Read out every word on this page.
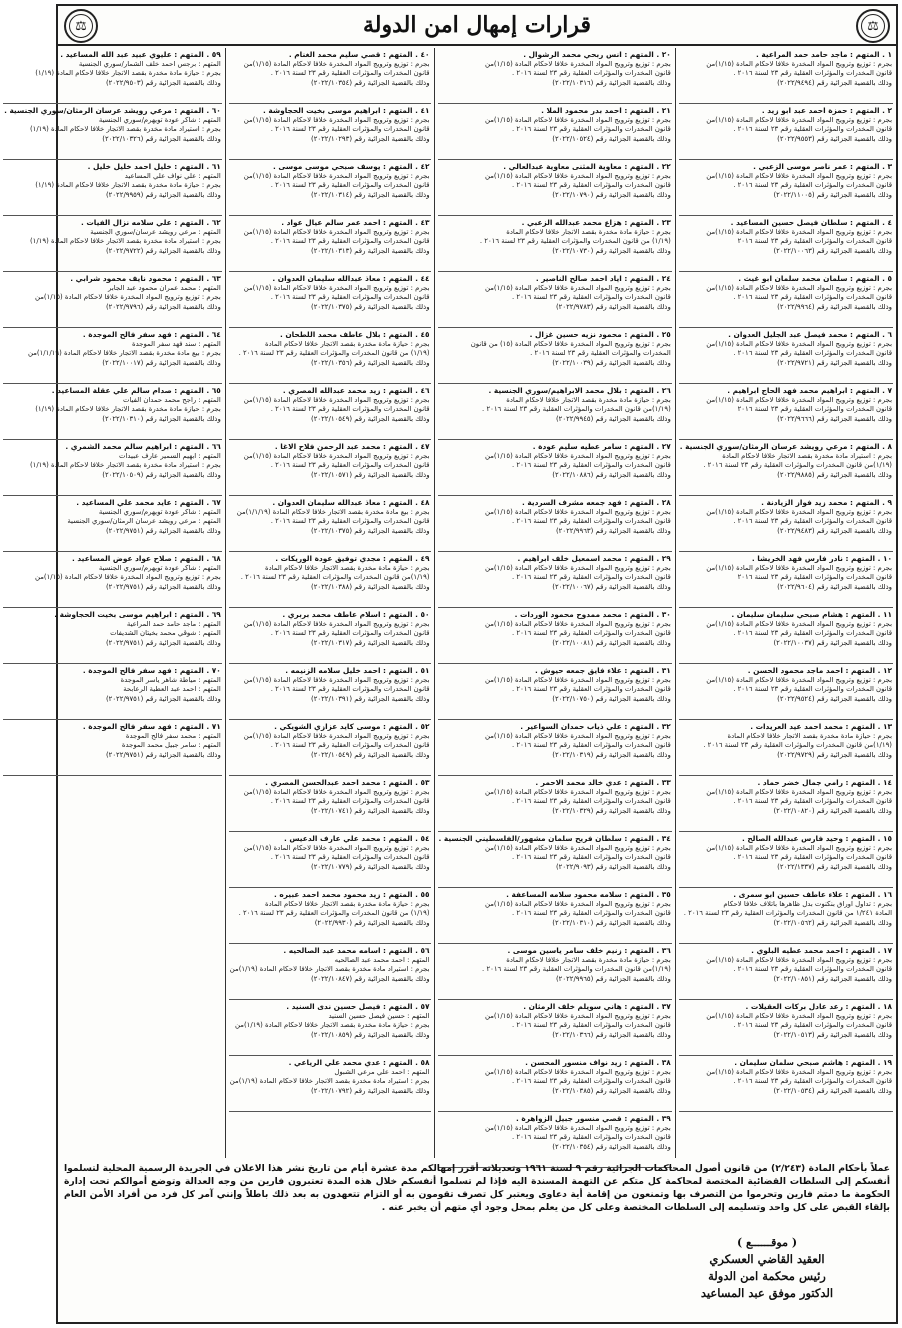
⚖
قرارات إمهال امن الدولة
⚖
١ . المتهم : ماجد حامد حمد المراعية .
بجرم : توزيع وترويج المواد المخدرة خلافا لاحكام المادة (١/١٥)من
قانون المخدرات والمؤثرات العقلية رقم ٢٣ لسنة ٢٠١٦ .
وذلك بالقضية الجزائية رقم (٢٠٢٢/٩٤٩٤)
٢ . المتهم : حمزة احمد عبد ابو زيد .
بجرم : توزيع وترويج المواد المخدرة خلافا لاحكام المادة (١/١٥)من
قانون المخدرات والمؤثرات العقلية رقم ٢٣ لسنة ٢٠١٦ .
وذلك بالقضية الجزائية رقم (٢٠٢٢/٩٥٥٣)
٣ . المتهم : عمر ناصر موسى الزعبي .
بجرم : توزيع وترويج المواد المخدرة خلافا لاحكام المادة (١/١٥)من
قانون المخدرات والمؤثرات العقلية رقم ٢٣ لسنة ٢٠١٦ .
وذلك بالقضية الجزائية رقم (٢٠٢٢/١١٠٠٥)
٤ . المتهم : سلطان فيصل حسين المساعيد .
بجرم : توزيع وترويج المواد المخدرة خلافا لاحكام المادة (١/١٥)من
قانون المخدرات والمؤثرات العقلية رقم ٢٣ لسنة ٢٠١٦
وذلك بالقضية الجزائية رقم (٢٠٢٢/١٠٠٦٣)
٥ . المتهم : سلمان محمد سلمان ابو غيث .
بجرم : توزيع وترويج المواد المخدرة خلافا لاحكام المادة (١/١٥)من
قانون المخدرات والمؤثرات العقلية رقم ٢٣ لسنة ٢٠١٦ .
وذلك بالقضية الجزائية رقم (٢٠٢٢/٩٩٦٤)
٦ . المتهم : محمد فيصل عبد الجليل العدوان .
بجرم : توزيع وترويج المواد المخدرة خلافا لاحكام المادة (١/١٥)من
قانون المخدرات والمؤثرات العقلية رقم ٢٣ لسنة ٢٠١٦ .
وذلك بالقضية الجزائية رقم (٢٠٢٢/٩٧٢١)
٧ . المتهم : ابراهيم محمد فهد الحاج ابراهيم .
بجرم : توزيع وترويج المواد المخدرة خلافا لاحكام المادة (١/١٥)من
قانون المخدرات والمؤثرات العقلية رقم ٢٣ لسنة ٢٠١٦
وذلك بالقضية الجزائية رقم (٢٠٢٢/٩٦٦٦)
٨ . المتهم : مرعي رويشد عرسان الرمثان/سوري الجنسية .
بجرم : استيراد مادة مخدرة بقصد الاتجار خلافا لاحكام المادة
(١/١٩)من قانون المخدرات والمؤثرات العقلية رقم ٢٣ لسنة ٢٠١٦ .
وذلك بالقضية الجزائية رقم (٢٠٢٢/٩٨٨٥)
٩ . المتهم : محمد زيد فواز الزيادنة .
بجرم : توزيع وترويج المواد المخدرة خلافا لاحكام المادة (١/١٥)من
قانون المخدرات والمؤثرات العقلية رقم ٢٣ لسنة ٢٠١٦ .
وذلك بالقضية الجزائية رقم (٢٠٢٢/٩٤٨٣)
١٠ . المتهم : نادر فارس فهد الخريشا .
بجرم : توزيع وترويج المواد المخدرة خلافا لاحكام المادة (١/١٥)من
قانون المخدرات والمؤثرات العقلية رقم ٢٣ لسنة ٢٠١٦
وذلك بالقضية الجزائية رقم (٢٠٢٢/٩٦٠٤)
١١ . المتهم : هشام صبحي سليمان سليمان .
بجرم : توزيع وترويج المواد المخدرة خلافا لاحكام المادة (١/١٥)من
قانون المخدرات والمؤثرات العقلية رقم ٢٣ لسنة ٢٠١٦ .
وذلك بالقضية الجزائية رقم (٢٠٢٢/١٠٠٣٧)
١٢ . المتهم : احمد ماجد محمود الحسن .
بجرم : توزيع وترويج المواد المخدرة خلافا لاحكام المادة (١/١٥)من
قانون المخدرات والمؤثرات العقلية رقم ٢٣ لسنة ٢٠١٦ .
وذلك بالقضية الجزائية رقم (٢٠٢٢/٩٥٢٤)
١٣ . المتهم : محمد احمد عيد العريدات .
بجرم : حيازة مادة مخدرة بقصد الاتجار خلافا لاحكام المادة
(١/١٩)من قانون المخدرات والمؤثرات العقلية رقم ٢٣ لسنة ٢٠١٦ .
وذلك بالقضية الجزائية رقم (٢٠٢٢/٩٧٢٩)
١٤ . المتهم : رامي جمال خضر حماد .
بجرم : توزيع وترويج المواد المخدرة خلافا لاحكام المادة (١/١٥)من
قانون المخدرات والمؤثرات العقلية رقم ٢٣ لسنة ٢٠١٦ .
وذلك بالقضية الجزائية رقم (٢٠٢٢/١٠٨٢٠)
١٥ . المتهم : وحيد فارس عبدالله الصالح .
بجرم : توزيع وترويج المواد المخدرة خلافا لاحكام المادة (١/١٥)من
قانون المخدرات والمؤثرات العقلية رقم ٢٣ لسنة ٢٠١٦ .
وذلك بالقضية الجزائية رقم (٢٠٢٢/١٣٣٧)
١٦ . المتهم : علاء عاطف حسين ابو سمرى .
بجرم : تداول اوراق بنكنوت بدل ظاهرها باتلاف خلافا لاحكام
المادة ١/٢٤١ من قانون المخدرات والمؤثرات العقلية رقم ٢٣ لسنة ٢٠١٦ .
وذلك بالقضية الجزائية رقم (٢٠٢٢/١٠٥٦٢)
١٧ . المتهم : احمد محمد عطيه البلوي .
بجرم : توزيع وترويج المواد المخدرة خلافا لاحكام المادة (١/١٥)من
قانون المخدرات والمؤثرات العقلية رقم ٢٣ لسنة ٢٠١٦ .
وذلك بالقضية الجزائية رقم (٢٠٢٢/١٠٨٥١)
١٨ . المتهم : رعد عادل بركات العقيلات .
بجرم : توزيع وترويج المواد المخدرة خلافا لاحكام المادة (١/١٥)من
قانون المخدرات والمؤثرات العقلية رقم ٢٣ لسنة ٢٠١٦ .
وذلك بالقضية الجزائية رقم (٢٠٢٢/١٠٥١٣)
١٩ . المتهم : هاشم صبحي سلمان سليمان .
بجرم : توزيع وترويج المواد المخدرة خلافا لاحكام المادة (١/١٥)من
قانون المخدرات والمؤثرات العقلية رقم ٢٣ لسنة ٢٠١٦ .
وذلك بالقضية الجزائية رقم (٢٠٢٢/١٠٥٣٤)
٢٠ . المتهم : انس ربحي محمد الرشوال .
بجرم : توزيع وترويج المواد المخدرة خلافا لاحكام المادة (١/١٥)من
قانون المخدرات والمؤثرات العقلية رقم ٢٣ لسنة ٢٠١٦ .
وذلك بالقضية الجزائية رقم (٢٠٢٢/١٠٣١٦)
٢١ . المتهم : احمد بدر محمود الملا .
بجرم : توزيع وترويج المواد المخدرة خلافا لاحكام المادة (١/١٥)من
قانون المخدرات والمؤثرات العقلية رقم ٢٣ لسنة ٢٠١٦ .
وذلك بالقضية الجزائية رقم (٢٠٢٢/١٠٥٢٤)
٢٢ . المتهم : معاوية المثنى معاوية عبدالعالي .
بجرم : توزيع وترويج المواد المخدرة خلافا لاحكام المادة (١/١٥)من
قانون المخدرات والمؤثرات العقلية رقم ٢٣ لسنة ٢٠١٦ .
وذلك بالقضية الجزائية رقم (٢٠٢٢/١٠٧٩٠)
٢٣ . المتهم : هزاع محمد عبدالله الزعبي .
بجرم : حيازة مادة مخدرة بقصد الاتجار خلافا لاحكام المادة
(١/١٩) من قانون المخدرات والمؤثرات العقلية رقم ٢٣ لسنة ٢٠١٦ .
وذلك بالقضية الجزائية رقم (٢٠٢٢/١٠٧٣٠)
٢٤ . المتهم : اياد احمد صالح الناصير .
بجرم : توزيع وترويج المواد المخدرة خلافا لاحكام المادة (١/١٥)من
قانون المخدرات والمؤثرات العقلية رقم ٢٣ لسنة ٢٠١٦ .
وذلك بالقضية الجزائية رقم (٢٠٢٢/٩٧٨٣)
٢٥ . المتهم : محمود نزيه حسين غزال .
بجرم : توزيع وترويج المواد المخدرة خلافا لاحكام المادة (١٥) من قانون
المخدرات والمؤثرات العقلية رقم ٢٣ لسنة ٢٠١٦ .
وذلك بالقضية الجزائية رقم (٢٠٢٢/١٠٠٣٩)
٢٦ . المتهم : بلال محمد الابراهيم/سوري الجنسية .
بجرم : حيازة مادة مخدرة بقصد الاتجار خلافا لاحكام المادة
(١/١٩)من قانون المخدرات والمؤثرات العقلية رقم ٢٣ لسنة ٢٠١٦ .
وذلك بالقضية الجزائية رقم (٢٠٢٢/٩٩٤٥)
٢٧ . المتهم : سامر عطيه سليم عودة .
بجرم : توزيع وترويج المواد المخدرة خلافا لاحكام المادة (١/١٥)من
قانون المخدرات والمؤثرات العقلية رقم ٢٣ لسنة ٢٠١٦ .
وذلك بالقضية الجزائية رقم (٢٠٢٢/١٠٨٨٦)
٢٨ . المتهم : فهد جمعه مشرف السردية .
بجرم : توزيع وترويج المواد المخدرة خلافا لاحكام المادة (١/١٥)من
قانون المخدرات والمؤثرات العقلية رقم ٢٣ لسنة ٢٠١٦ .
وذلك بالقضية الجزائية رقم (٢٠٢٢/٩٩٦٣)
٢٩ . المتهم : محمد اسمعيل خلف ابراهيم .
بجرم : توزيع وترويج المواد المخدرة خلافا لاحكام المادة (١/١٥)من
قانون المخدرات والمؤثرات العقلية رقم ٢٣ لسنة ٢٠١٦ .
وذلك بالقضية الجزائية رقم (٢٠٢٢/١٠٠٦٧)
٣٠ . المتهم : محمد ممدوح محمود الوردات .
بجرم : توزيع وترويج المواد المخدرة خلافا لاحكام المادة (١/١٥)من
قانون المخدرات والمؤثرات العقلية رقم ٢٣ لسنة ٢٠١٦ .
وذلك بالقضية الجزائية رقم (٢٠٢٢/١٠٠٨١)
٣١ . المتهم : علاء فايق جمعه حيوش .
بجرم : توزيع وترويج المواد المخدرة خلافا لاحكام المادة (١/١٥)من
قانون المخدرات والمؤثرات العقلية رقم ٢٣ لسنة ٢٠١٦ .
وذلك بالقضية الجزائية رقم (٢٠٢٢/١٠٧٥٠)
٣٢ . المتهم : علي ذياب حمدان السواعير .
بجرم : توزيع وترويج المواد المخدرة خلافا لاحكام المادة (١/١٥)من
قانون المخدرات والمؤثرات العقلية رقم ٢٣ لسنة ٢٠١٦ .
وذلك بالقضية الجزائية رقم (٢٠٢٢/١٠٣١٩)
٣٣ . المتهم : عدي خالد محمد الاحمر .
بجرم : توزيع وترويج المواد المخدرة خلافا لاحكام المادة (١/١٥)من
قانون المخدرات والمؤثرات العقلية رقم ٢٣ لسنة ٢٠١٦ .
وذلك بالقضية الجزائية رقم (٢٠٢٢/١٠٣٢٩)
٣٤ . المتهم : سلطان فريح سلمان مشهور/الفلسطيني الجنسية .
بجرم : توزيع وترويج المواد المخدرة خلافا لاحكام المادة (١/١٥)من
قانون المخدرات والمؤثرات العقلية رقم ٢٣ لسنة ٢٠١٦ .
وذلك بالقضية الجزائية رقم (٢٠٢٢/٩٠٩٣)
٣٥ . المتهم : سلامه محمود سلامه المساعفة .
بجرم : توزيع وترويج المواد المخدرة خلافا لاحكام المادة (١/١٥)من
قانون المخدرات والمؤثرات العقلية رقم ٢٣ لسنة ٢٠١٦ .
وذلك بالقضية الجزائية رقم (٢٠٢٢/١٠٣١٠)
٣٦ . المتهم : زنيم خلف سامر ياسين موسى .
بجرم : حيازة مادة مخدرة بقصد الاتجار خلافا لاحكام المادة
(١/١٩)من قانون المخدرات والمؤثرات العقلية رقم ٢٣ لسنة ٢٠١٦ .
وذلك بالقضية الجزائية رقم (٢٠٢٢/٩٩٦٥)
٣٧ . المتهم : هاني سويلم خلف الرمثان .
بجرم : توزيع وترويج المواد المخدرة خلافا لاحكام المادة (١/١٥)من
قانون المخدرات والمؤثرات العقلية رقم ٢٣ لسنة ٢٠١٦ .
وذلك بالقضية الجزائية رقم (٢٠٢٢/١٠٣٦٦)
٣٨ . المتهم : زيد نواف منسور المحسن .
بجرم : توزيع وترويج المواد المخدرة خلافا لاحكام المادة (١/١٥)من
قانون المخدرات والمؤثرات العقلية رقم ٢٣ لسنة ٢٠١٦ .
وذلك بالقضية الجزائية رقم (٢٠٢٢/١٠٣٨٥)
٣٩ . المتهم : قصي منسور جبيل الزواهرة .
بجرم : توزيع وترويج المواد المخدرة خلافا لاحكام المادة (١/١٥)من
قانون المخدرات والمؤثرات العقلية رقم ٢٣ لسنة ٢٠١٦ .
وذلك بالقضية الجزائية رقم (٢٠٢٢/١٠٣٥٤)
٤٠ . المتهم : قصي سليم محمد الغنام .
بجرم : توزيع وترويج المواد المخدرة خلافا لاحكام المادة (١/١٥)من
قانون المخدرات والمؤثرات العقلية رقم ٢٣ لسنة ٢٠١٦ .
وذلك بالقضية الجزائية رقم (٢٠٢٢/١٠٣٥٤)
٤١ . المتهم : ابراهيم موسى بخيت الحجاوشة .
بجرم : توزيع وترويج المواد المخدرة خلافا لاحكام المادة (١/١٥)من
قانون المخدرات والمؤثرات العقلية رقم ٢٣ لسنة ٢٠١٦ .
وذلك بالقضية الجزائية رقم (٢٠٢٢/١٠٢٩٣)
٤٢ . المتهم : يوسف صبحي موسى موسى .
بجرم : توزيع وترويج المواد المخدرة خلافا لاحكام المادة (١/١٥)من
قانون المخدرات والمؤثرات العقلية رقم ٢٣ لسنة ٢٠١٦ .
وذلك بالقضية الجزائية رقم (٢٠٢٢/١٠٣١٤)
٤٣ . المتهم : احمد عمر سالم عيال عواد .
بجرم : توزيع وترويج المواد المخدرة خلافا لاحكام المادة (١/١٥)من
قانون المخدرات والمؤثرات العقلية رقم ٢٣ لسنة ٢٠١٦ .
وذلك بالقضية الجزائية رقم (٢٠٢٢/١٠٣١٣)
٤٤ . المتهم : معاذ عبدالله سليمان العدوان .
بجرم : توزيع وترويج المواد المخدرة خلافا لاحكام المادة (١/١٥)من
قانون المخدرات والمؤثرات العقلية رقم ٢٣ لسنة ٢٠١٦ .
وذلك بالقضية الجزائية رقم (٢٠٢٢/١٠٣٧٥)
٤٥ . المتهم : بلال عاطف محمد اللطحان .
بجرم : حيازة مادة مخدرة بقصد الاتجار خلافا لاحكام المادة
(١/١٩) من قانون المخدرات والمؤثرات العقلية رقم ٢٣ لسنة ٢٠١٦ .
وذلك بالقضية الجزائية رقم (٢٠٢٢/١٠٣٥٦)
٤٦ . المتهم : زيد محمد عبدالله المصري .
بجرم : توزيع وترويج المواد المخدرة خلافا لاحكام المادة (١/١٥)من
قانون المخدرات والمؤثرات العقلية رقم ٢٣ لسنة ٢٠١٦ .
وذلك بالقضية الجزائية رقم (٢٠٢٢/١٠٥٤٩)
٤٧ . المتهم : محمد عبد الرحمن فلاح الاغا .
بجرم : توزيع وترويج المواد المخدرة خلافا لاحكام المادة (١/١٥)من
قانون المخدرات والمؤثرات العقلية رقم ٢٣ لسنة ٢٠١٦ .
وذلك بالقضية الجزائية رقم (٢٠٢٢/١٠٥٧١)
٤٨ . المتهم : معاذ عبدالله سليمان العدوان .
بجرم : بيع مادة مخدرة بقصد الاتجار خلافا لاحكام المادة (١/١/١٩)من
قانون المخدرات والمؤثرات العقلية رقم ٢٣ لسنة ٢٠١٦ .
وذلك بالقضية الجزائية رقم (٢٠٢٢/١٠٣٧٥)
٤٩ . المتهم : مجدي توفيق عودة الوريكات .
بجرم : حيازة مادة مخدرة بقصد الاتجار خلافا لاحكام المادة
(١/١٩)من قانون المخدرات والمؤثرات العقلية رقم ٢٣ لسنة ٢٠١٦ .
وذلك بالقضية الجزائية رقم (٢٠٢٢/١٠٣٨٨)
٥٠ . المتهم : اسلام عاطف محمد بربري .
بجرم : توزيع وترويج المواد المخدرة خلافا لاحكام المادة (١/١٥)من
قانون المخدرات والمؤثرات العقلية رقم ٢٣ لسنة ٢٠١٦ .
وذلك بالقضية الجزائية رقم (٢٠٢٢/١٠٣١٧)
٥١ . المتهم : احمد خليل سلامه الزنيمه .
بجرم : توزيع وترويج المواد المخدرة خلافا لاحكام المادة (١/١٥)من
قانون المخدرات والمؤثرات العقلية رقم ٢٣ لسنة ٢٠١٦ .
وذلك بالقضية الجزائية رقم (٢٠٢٢/١٠٣٩١)
٥٢ . المتهم : موسى كايد عزازي الشويكي .
بجرم : توزيع وترويج المواد المخدرة خلافا لاحكام المادة (١/١٥)من
قانون المخدرات والمؤثرات العقلية رقم ٢٣ لسنة ٢٠١٦ .
وذلك بالقضية الجزائية رقم (٢٠٢٢/١٠٥٤٩)
٥٣ . المتهم : محمد احمد عبدالحسن المصري .
بجرم : توزيع وترويج المواد المخدرة خلافا لاحكام المادة (١/١٥)من
قانون المخدرات والمؤثرات العقلية رقم ٢٣ لسنة ٢٠١٦ .
وذلك بالقضية الجزائية رقم (٢٠٢٢/١٠٧٤١)
٥٤ . المتهم : محمد علي عارف الدعيس .
بجرم : توزيع وترويج المواد المخدرة خلافا لاحكام المادة (١/١٥)من
قانون المخدرات والمؤثرات العقلية رقم ٢٣ لسنة ٢٠١٦ .
وذلك بالقضية الجزائية رقم (٢٠٢٢/١٠٧٧٩)
٥٥ . المتهم : زيد محمود محمد احمد عبيره .
بجرم : حيازة مادة مخدرة بقصد الاتجار خلافا لاحكام المادة
(١/١٩) من قانون المخدرات والمؤثرات العقلية رقم ٢٣ لسنة ٢٠١٦ .
وذلك بالقضية الجزائية رقم (٢٠٢٢/٩٩٣٠)
٥٦ . المتهم : اسامه محمد عبد الصالحيه .
المتهم : احمد محمد عبد الصالحيه
بجرم : استيراد مادة مخدرة بقصد الاتجار خلافا لاحكام المادة (١/١٩)من
وذلك بالقضية الجزائية رقم (٢٠٢٢/١٠٨٤٧)
٥٧ . المتهم : فيصل حسين ندى السنيد .
المتهم : حسين فيصل حسين السنيد
بجرم : حيازة مادة مخدرة بقصد الاتجار خلافا لاحكام المادة (١/١٩)من
وذلك بالقضية الجزائية رقم (٢٠٢٢/١٠٨٥٩)
٥٨ . المتهم : عدي محمد علي الرياعي .
المتهم : احمد علي مرعي الشبول
بجرم : استيراد مادة مخدرة بقصد الاتجار خلافا لاحكام المادة (١/١٩)من
وذلك بالقضية الجزائية رقم (٢٠٢٢/١٠٧٩٢)
٥٩ . المتهم : عليوي عبيد عبد الله المساعيد .
المتهم : برجس احمد خلف الشمار/سوري الجنسية
بجرم : حيازة مادة مخدرة بقصد الاتجار خلافا لاحكام المادة (١/١٩)
وذلك بالقضية الجزائية رقم (٢٠٢٢/٩٥٠٣)
٦٠ . المتهم : مرعي رويشد عرسان الرمثان/سوري الجنسية .
المتهم : شاكر عودة تويهرم/سوري الجنسية
بجرم : استيراد مادة مخدرة بقصد الاتجار خلافا لاحكام المادة (١/١٩)
وذلك بالقضية الجزائية رقم (٢٠٢٢/١٠٣٢٦)
٦١ . المتهم : خليل احمد خليل خليل .
المتهم : علي نواف علي المساعيد
بجرم : حيازة مادة مخدرة بقصد الاتجار خلافا لاحكام المادة (١/١٩)
وذلك بالقضية الجزائية رقم (٢٠٢٢/٩٩٥٩)
٦٢ . المتهم : علي سلامه نزال الفيات .
المتهم : مرعي رويشد عرسان/سوري الجنسية
بجرم : استيراد مادة مخدرة بقصد الاتجار خلافا لاحكام المادة (١/١٩)
وذلك بالقضية الجزائية رقم (٢٠٢٢/٩٧٢٢)
٦٣ . المتهم : محمود نايف محمود شرابي .
المتهم : محمد عمران محمود عبد الجابر
بجرم : توزيع وترويج المواد المخدرة خلافا لاحكام المادة (١/١٥)من
وذلك بالقضية الجزائية رقم (٢٠٢٢/٩٧٩٦)
٦٤ . المتهم : فهد سفر فالح الموجدة .
المتهم : سند فهد سفر الموجدة
بجرم : بيع مادة مخدرة بقصد الاتجار خلافا لاحكام المادة (١/١/١٩)من
وذلك بالقضية الجزائية رقم (٢٠٢٢/١٠٠١٧)
٦٥ . المتهم : صدام سالم علي عقلة المساعيد .
المتهم : راجح محمد حمدان الفيات
بجرم : حيازة مادة مخدرة بقصد الاتجار خلافا لاحكام المادة (١/١٩)
وذلك بالقضية الجزائية رقم (٢٠٢٢/١٠٣١٠)
٦٦ . المتهم : ابراهيم سالم محمد الشمري .
المتهم : ابهيم السمير عارف عبيدات
بجرم : استيراد مادة مخدرة بقصد الاتجار خلافا لاحكام المادة (١/١٩)
وذلك بالقضية الجزائية رقم (٢٠٢٢/١٠٥٠٩)
٦٧ . المتهم : عايد محمد علي المساعيد .
المتهم : شاكر عودة تويهرم/سوري الجنسية
المتهم : مرعي رويشد عرسان الرمثان/سوري الجنسية
وذلك بالقضية الجزائية رقم (٢٠٢٢/٩٧٥١)
٦٨ . المتهم : صلاح عواد عوض المساعيد .
المتهم : شاكر عودة تويهرم/سوري الجنسية
بجرم : توزيع وترويج المواد المخدرة خلافا لاحكام المادة (١/١٥)من
وذلك بالقضية الجزائية رقم (٢٠٢٢/٩٧٥١)
٦٩ . المتهم : ابراهيم موسى بخيت الحجاوشة .
المتهم : ماجد حامد حمد المراعية
المتهم : شوقي محمد بخيتان الشديفات
وذلك بالقضية الجزائية رقم (٢٠٢٢/٩٧٥١)
٧٠ . المتهم : فهد سفر فالح الموجدة .
المتهم : مياطة شاهر ياسر الموجدة
المتهم : احمد عبد العطية الرعابحة
وذلك بالقضية الجزائية رقم (٢٠٢٢/٩٧٥١)
٧١ . المتهم : فهد سفر فالح الموجدة .
المتهم : محمد سفر فالح الموجدة
المتهم : سامر جبيل محمد الموجدة
وذلك بالقضية الجزائية رقم (٢٠٢٢/٩٧٥١)
عملاً بأحكام المادة (٢/٢٤٣) من قانون أصول المحاكمات الجزائية رقم ٩ لسنة ١٩٦١ وتعديلاته أقرر إمهالكم مدة عشرة أيام من تاريخ نشر هذا الاعلان في الجريدة الرسمية المحلية لتسلموا أنفسكم إلى السلطات القضائية المختصة لمحاكمة كل متكم عن التهمة المسندة اليه فإذا لم تسلموا أنفسكم خلال هذه المدة تعتبرون فارين من وجه العدالة وتوضع أموالكم تحت إدارة الحكومة ما دمتم فارين وتحرموا من التصرف بها وتمنعون من إقامة أية دعاوى ويعتبر كل تصرف تقومون به أو التزام تتعهدون به بعد ذلك باطلاً وإنني آمر كل فرد من أفراد الأمن العام بإلقاء القبض على كل واحد وتسليمه إلى السلطات المختصة وعلى كل من يعلم بمحل وجود أي متهم أن يخبر عنه .
( موقــــــع )
العقيد القاضي العسكري
رئيس محكمة امن الدولة
الدكتور موفق عبد المساعيد
